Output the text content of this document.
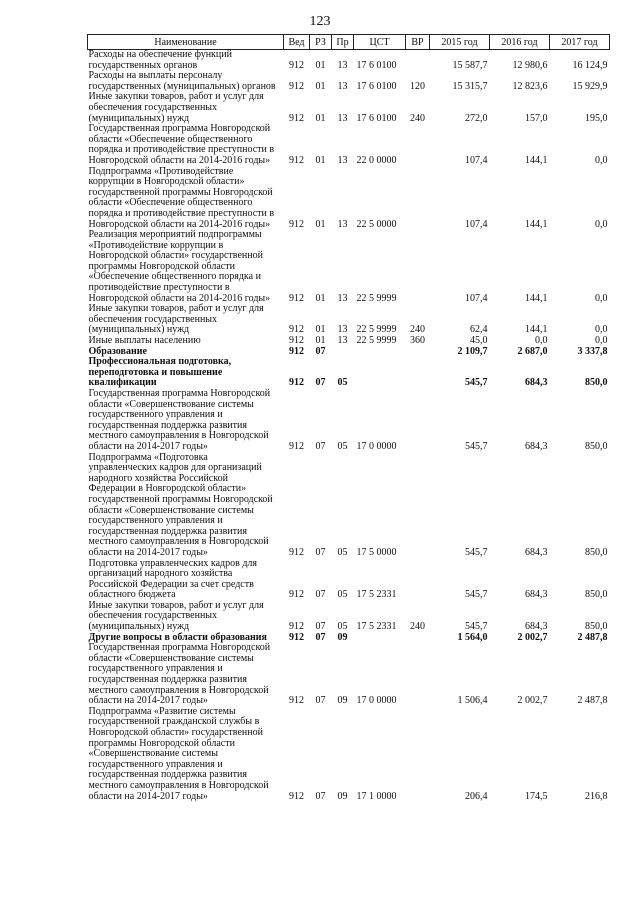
123
Наименование	Вед	РЗ	Пр	ЦСТ	ВР	2015 год	2016 год	2017 год
Расходы на обеспечение функций государственных органов	912	01	13	17 6 0100		15 587,7	12 980,6	16 124,9
Расходы на выплаты персоналу государственных (муниципальных) органов	912	01	13	17 6 0100	120	15 315,7	12 823,6	15 929,9
Иные закупки товаров, работ и услуг для обеспечения государственных (муниципальных) нужд	912	01	13	17 6 0100	240	272,0	157,0	195,0
Государственная программа Новгородской области «Обеспечение общественного порядка и противодействие преступности в Новгородской области на 2014-2016 годы»	912	01	13	22 0 0000		107,4	144,1	0,0
Подпрограмма «Противодействие коррупции в Новгородской области» государственной программы Новгородской области «Обеспечение общественного порядка и противодействие преступности в Новгородской области на 2014-2016 годы»	912	01	13	22 5 0000		107,4	144,1	0,0
Реализация мероприятий подпрограммы «Противодействие коррупции в Новгородской области» государственной программы Новгородской области «Обеспечение общественного порядка и противодействие преступности в Новгородской области на 2014-2016 годы»	912	01	13	22 5 9999		107,4	144,1	0,0
Иные закупки товаров, работ и услуг для обеспечения государственных (муниципальных) нужд	912	01	13	22 5 9999	240	62,4	144,1	0,0
Иные выплаты населению	912	01	13	22 5 9999	360	45,0	0,0	0,0
Образование	912	07				2 109,7	2 687,0	3 337,8
Профессиональная подготовка, переподготовка и повышение квалификации	912	07	05			545,7	684,3	850,0
Государственная программа Новгородской области «Совершенствование системы государственного управления и государственная поддержка развития местного самоуправления в Новгородской области на 2014-2017 годы»	912	07	05	17 0 0000		545,7	684,3	850,0
Подпрограмма «Подготовка управленческих кадров для организаций народного хозяйства Российской Федерации в Новгородской области» государственной программы Новгородской области «Совершенствование системы государственного управления и государственная поддержка развития местного самоуправления в Новгородской области на 2014-2017 годы»	912	07	05	17 5 0000		545,7	684,3	850,0
Подготовка управленческих кадров для организаций народного хозяйства Российской Федерации за счет средств областного бюджета	912	07	05	17 5 2331		545,7	684,3	850,0
Иные закупки товаров, работ и услуг для обеспечения государственных (муниципальных) нужд	912	07	05	17 5 2331	240	545,7	684,3	850,0
Другие вопросы в области образования	912	07	09			1 564,0	2 002,7	2 487,8
Государственная программа Новгородской области «Совершенствование системы государственного управления и государственная поддержка развития местного самоуправления в Новгородской области на 2014-2017 годы»	912	07	09	17 0 0000		1 506,4	2 002,7	2 487,8
Подпрограмма «Развитие системы государственной гражданской службы в Новгородской области» государственной программы Новгородской области «Совершенствование системы государственного управления и государственная поддержка развития местного самоуправления в Новгородской области на 2014-2017 годы»	912	07	09	17 1 0000		206,4	174,5	216,8
